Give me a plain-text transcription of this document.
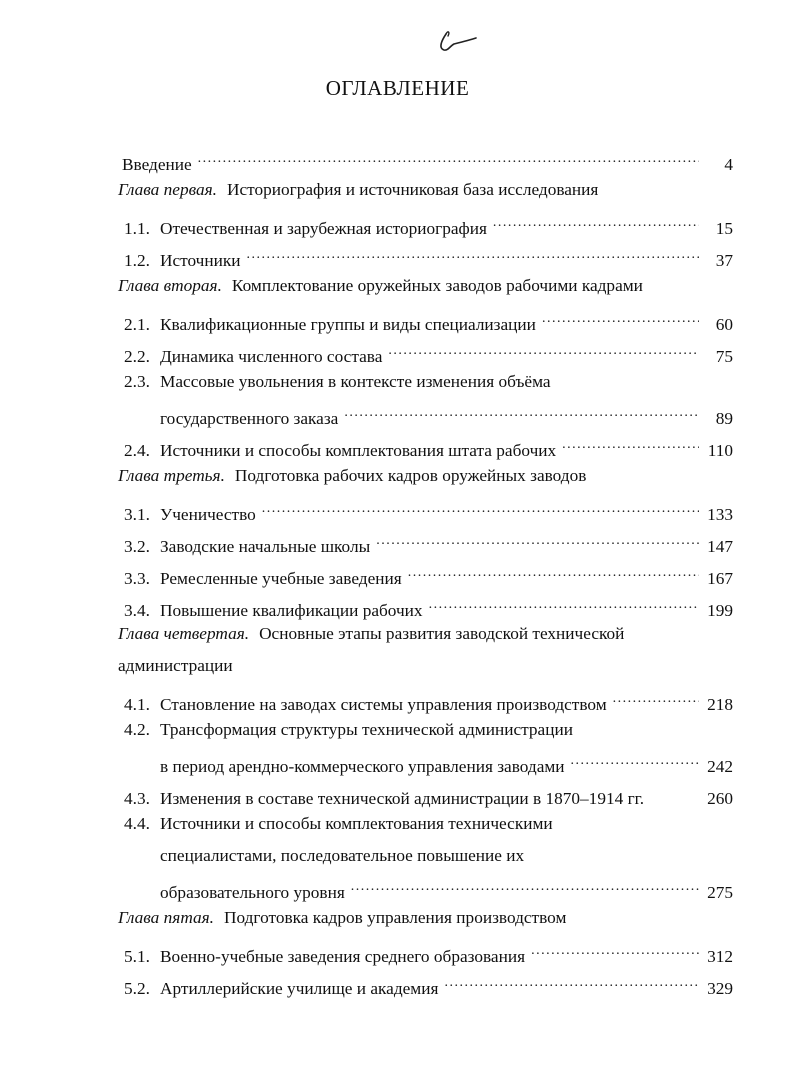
ОГЛАВЛЕНИЕ
Введение . . .	4
Глава первая. Историография и источниковая база исследования
1.1. Отечественная и зарубежная историография . . .	15
1.2. Источники . . .	37
Глава вторая. Комплектование оружейных заводов рабочими кадрами
2.1. Квалификационные группы и виды специализации . . .	60
2.2. Динамика численного состава . . .	75
2.3. Массовые увольнения в контексте изменения объёма
государственного заказа . . .	89
2.4. Источники и способы комплектования штата рабочих . . .	110
Глава третья. Подготовка рабочих кадров оружейных заводов
3.1. Ученичество . . .	133
3.2. Заводские начальные школы . . .	147
3.3. Ремесленные учебные заведения . . .	167
3.4. Повышение квалификации рабочих . . .	199
Глава четвертая. Основные этапы развития заводской технической
администрации
4.1. Становление на заводах системы управления производством . . .	218
4.2. Трансформация структуры технической администрации
в период арендно-коммерческого управления заводами . . .	242
4.3. Изменения в составе технической администрации в 1870–1914 гг.	260
4.4. Источники и способы комплектования техническими
специалистами, последовательное повышение их
образовательного уровня . . .	275
Глава пятая. Подготовка кадров управления производством
5.1. Военно-учебные заведения среднего образования . . .	312
5.2. Артиллерийские училище и академия . . .	329
